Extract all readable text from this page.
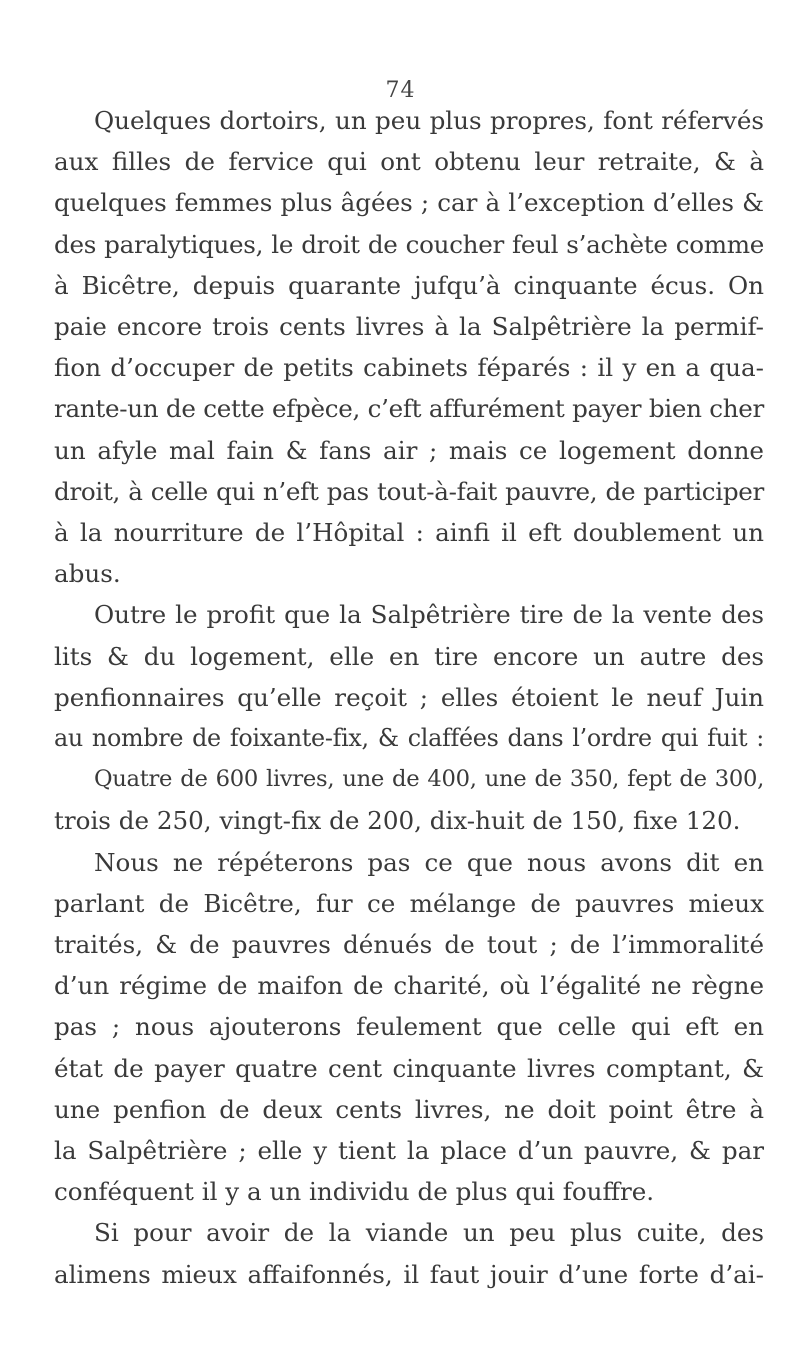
74
Quelques dortoirs, un peu plus propres, font réfervés
aux filles de fervice qui ont obtenu leur retraite, & à
quelques femmes plus âgées ; car à l’exception d’elles &
des paralytiques, le droit de coucher feul s’achète comme
à Bicêtre, depuis quarante jufqu’à cinquante écus. On
paie encore trois cents livres à la Salpêtrière la permif-
fion d’occuper de petits cabinets féparés : il y en a qua-
rante-un de cette efpèce, c’eft affurément payer bien cher
un afyle mal fain & fans air ; mais ce logement donne
droit, à celle qui n’eft pas tout-à-fait pauvre, de participer
à la nourriture de l’Hôpital : ainfi il eft doublement un
abus.
Outre le profit que la Salpêtrière tire de la vente des
lits & du logement, elle en tire encore un autre des
penfionnaires qu’elle reçoit ; elles étoient le neuf Juin
au nombre de foixante-fix, & claffées dans l’ordre qui fuit :
Quatre de 600 livres, une de 400, une de 350, fept de 300,
trois de 250, vingt-fix de 200, dix-huit de 150, fixe 120.
Nous ne répéterons pas ce que nous avons dit en
parlant de Bicêtre, fur ce mélange de pauvres mieux
traités, & de pauvres dénués de tout ; de l’immoralité
d’un régime de maifon de charité, où l’égalité ne règne
pas ; nous ajouterons feulement que celle qui eft en
état de payer quatre cent cinquante livres comptant, &
une penfion de deux cents livres, ne doit point être à
la Salpêtrière ; elle y tient la place d’un pauvre, & par
conféquent il y a un individu de plus qui fouffre.
Si pour avoir de la viande un peu plus cuite, des
alimens mieux affaifonnés, il faut jouir d’une forte d’ai-
